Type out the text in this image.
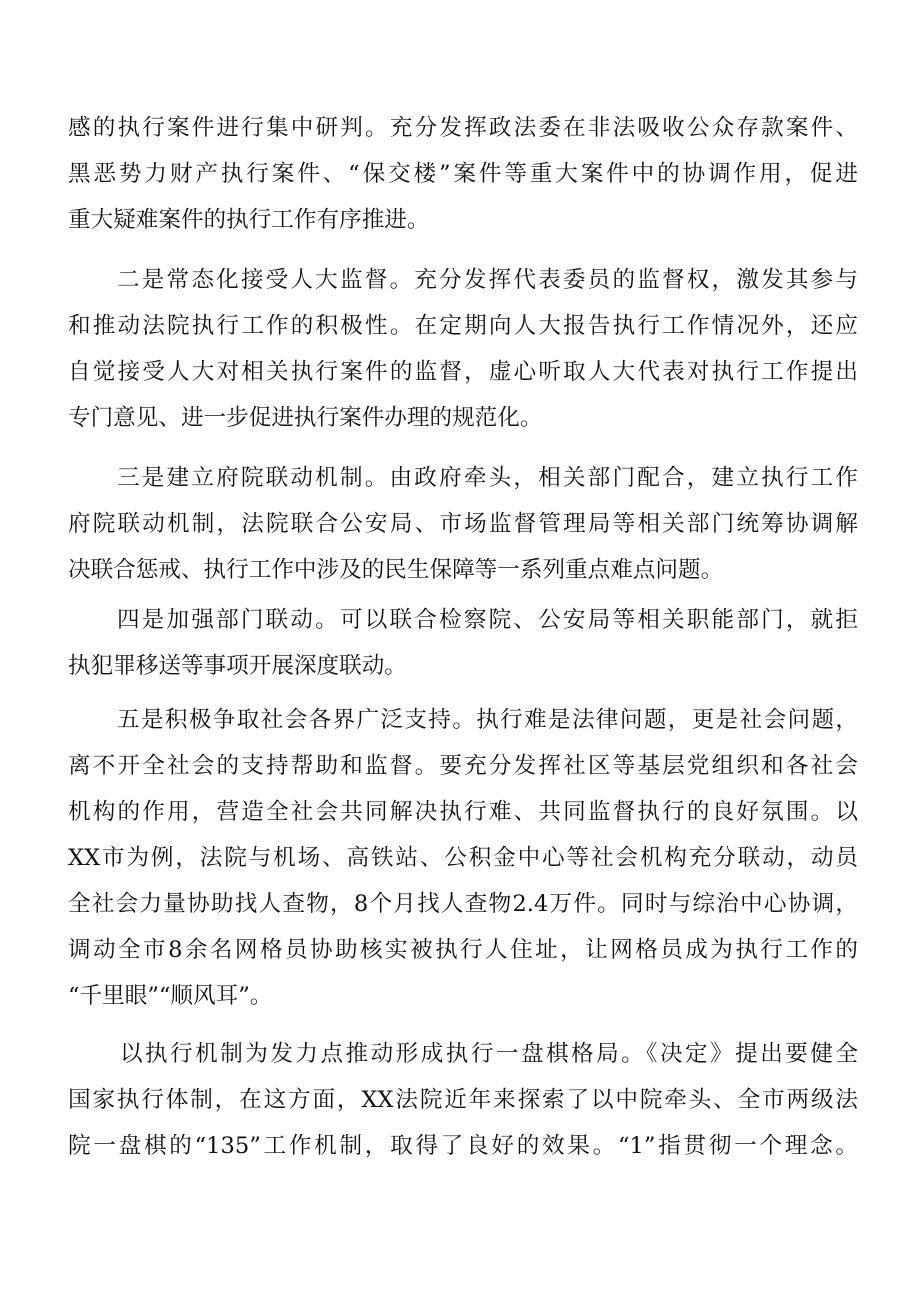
感的执行案件进行集中研判。充分发挥政法委在非法吸收公众存款案件、
黑恶势力财产执行案件、“保交楼”案件等重大案件中的协调作用，促进
重大疑难案件的执行工作有序推进。
二是常态化接受人大监督。充分发挥代表委员的监督权，激发其参与
和推动法院执行工作的积极性。在定期向人大报告执行工作情况外，还应
自觉接受人大对相关执行案件的监督，虚心听取人大代表对执行工作提出
专门意见、进一步促进执行案件办理的规范化。
三是建立府院联动机制。由政府牵头，相关部门配合，建立执行工作
府院联动机制，法院联合公安局、市场监督管理局等相关部门统筹协调解
决联合惩戒、执行工作中涉及的民生保障等一系列重点难点问题。
四是加强部门联动。可以联合检察院、公安局等相关职能部门，就拒
执犯罪移送等事项开展深度联动。
五是积极争取社会各界广泛支持。执行难是法律问题，更是社会问题，
离不开全社会的支持帮助和监督。要充分发挥社区等基层党组织和各社会
机构的作用，营造全社会共同解决执行难、共同监督执行的良好氛围。以
XX市为例，法院与机场、高铁站、公积金中心等社会机构充分联动，动员
全社会力量协助找人查物，8个月找人查物2.4万件。同时与综治中心协调，
调动全市8余名网格员协助核实被执行人住址，让网格员成为执行工作的
“千里眼”“顺风耳”。
以执行机制为发力点推动形成执行一盘棋格局。《决定》提出要健全
国家执行体制，在这方面，XX法院近年来探索了以中院牵头、全市两级法
院一盘棋的“135”工作机制，取得了良好的效果。“1”指贯彻一个理念。
